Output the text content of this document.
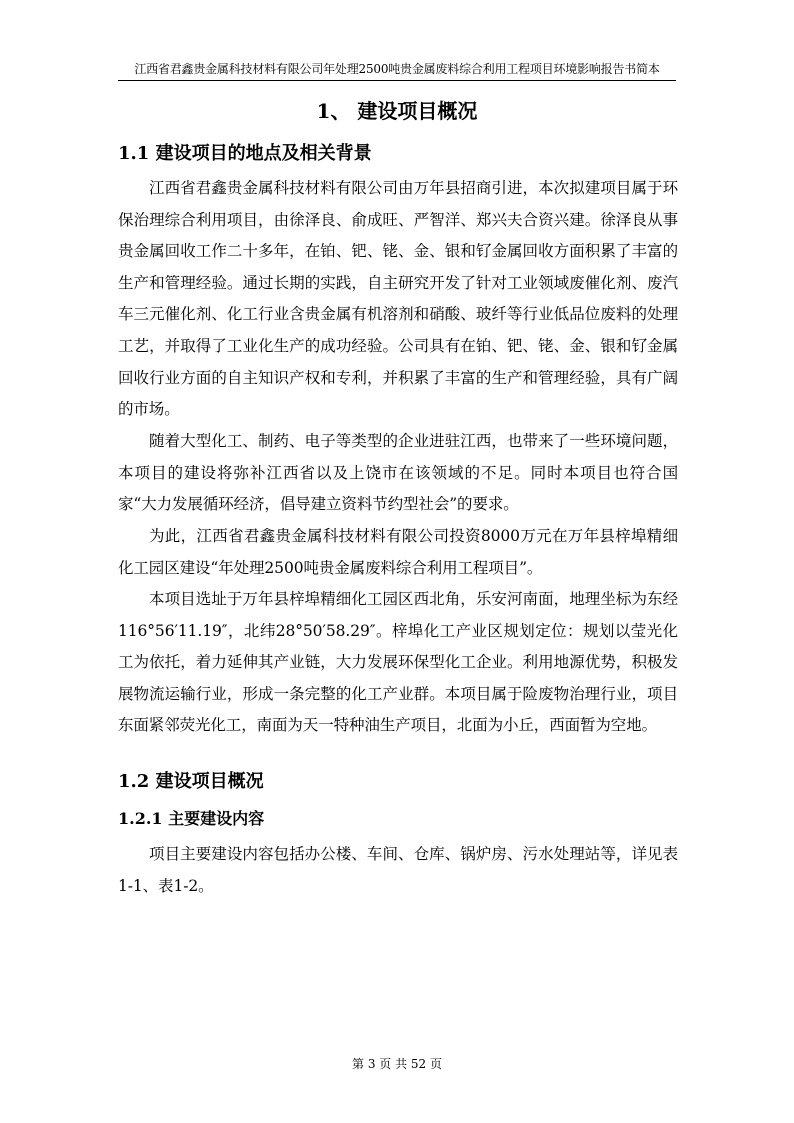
江西省君鑫贵金属科技材料有限公司年处理2500吨贵金属废料综合利用工程项目环境影响报告书简本
1、 建设项目概况
1.1 建设项目的地点及相关背景
江西省君鑫贵金属科技材料有限公司由万年县招商引进，本次拟建项目属于环保治理综合利用项目，由徐泽良、俞成旺、严智洋、郑兴夫合资兴建。徐泽良从事贵金属回收工作二十多年，在铂、钯、铑、金、银和钌金属回收方面积累了丰富的生产和管理经验。通过长期的实践，自主研究开发了针对工业领域废催化剂、废汽车三元催化剂、化工行业含贵金属有机溶剂和硝酸、玻纤等行业低品位废料的处理工艺，并取得了工业化生产的成功经验。公司具有在铂、钯、铑、金、银和钌金属回收行业方面的自主知识产权和专利，并积累了丰富的生产和管理经验，具有广阔的市场。
随着大型化工、制药、电子等类型的企业进驻江西，也带来了一些环境问题，本项目的建设将弥补江西省以及上饶市在该领域的不足。同时本项目也符合国家“大力发展循环经济，倡导建立资料节约型社会”的要求。
为此，江西省君鑫贵金属科技材料有限公司投资8000万元在万年县梓埠精细化工园区建设“年处理2500吨贵金属废料综合利用工程项目”。
本项目选址于万年县梓埠精细化工园区西北角，乐安河南面，地理坐标为东经116°56′11.19″，北纬28°50′58.29″。梓埠化工产业区规划定位：规划以莹光化工为依托，着力延伸其产业链，大力发展环保型化工企业。利用地源优势，积极发展物流运输行业，形成一条完整的化工产业群。本项目属于险废物治理行业，项目东面紧邻荧光化工，南面为天一特种油生产项目，北面为小丘，西面暂为空地。
1.2 建设项目概况
1.2.1 主要建设内容
项目主要建设内容包括办公楼、车间、仓库、锅炉房、污水处理站等，详见表1-1、表1-2。
第 3 页 共 52 页
